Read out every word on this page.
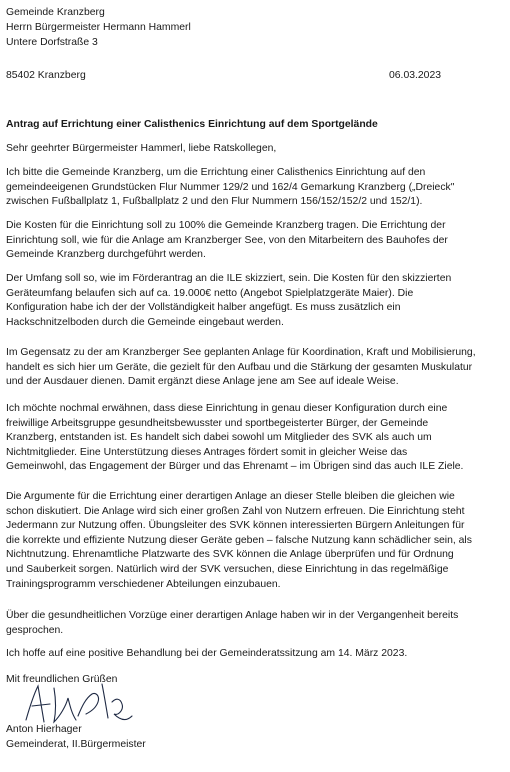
Gemeinde Kranzberg
Herrn Bürgermeister Hermann Hammerl
Untere Dorfstraße 3
85402 Kranzberg	06.03.2023
Antrag auf Errichtung einer Calisthenics Einrichtung auf dem Sportgelände
Sehr geehrter Bürgermeister Hammerl, liebe Ratskollegen,
Ich bitte die Gemeinde Kranzberg, um die Errichtung einer Calisthenics Einrichtung auf den
gemeindeeigenen Grundstücken Flur Nummer 129/2 und 162/4 Gemarkung Kranzberg („Dreieck"
zwischen Fußballplatz 1, Fußballplatz 2 und den Flur Nummern 156/152/152/2 und 152/1).
Die Kosten für die Einrichtung soll zu 100% die Gemeinde Kranzberg tragen. Die Errichtung der
Einrichtung soll, wie für die Anlage am Kranzberger See, von den Mitarbeitern des Bauhofes der
Gemeinde Kranzberg durchgeführt werden.
Der Umfang soll so, wie im Förderantrag an die ILE skizziert, sein. Die Kosten für den skizzierten
Geräteumfang belaufen sich auf ca. 19.000€ netto (Angebot Spielplatzgeräte Maier). Die
Konfiguration habe ich der der Vollständigkeit halber angefügt. Es muss zusätzlich ein
Hackschnitzelboden durch die Gemeinde eingebaut werden.
Im Gegensatz zu der am Kranzberger See geplanten Anlage für Koordination, Kraft und Mobilisierung,
handelt es sich hier um Geräte, die gezielt für den Aufbau und die Stärkung der gesamten Muskulatur
und der Ausdauer dienen. Damit ergänzt diese Anlage jene am See auf ideale Weise.
Ich möchte nochmal erwähnen, dass diese Einrichtung in genau dieser Konfiguration durch eine
freiwillige Arbeitsgruppe gesundheitsbewusster und sportbegeisterter Bürger, der Gemeinde
Kranzberg, entstanden ist. Es handelt sich dabei sowohl um Mitglieder des SVK als auch um
Nichtmitglieder. Eine Unterstützung dieses Antrages fördert somit in gleicher Weise das
Gemeinwohl, das Engagement der Bürger und das Ehrenamt – im Übrigen sind das auch ILE Ziele.
Die Argumente für die Errichtung einer derartigen Anlage an dieser Stelle bleiben die gleichen wie
schon diskutiert. Die Anlage wird sich einer großen Zahl von Nutzern erfreuen. Die Einrichtung steht
Jedermann zur Nutzung offen. Übungsleiter des SVK können interessierten Bürgern Anleitungen für
die korrekte und effiziente Nutzung dieser Geräte geben – falsche Nutzung kann schädlicher sein, als
Nichtnutzung. Ehrenamtliche Platzwarte des SVK können die Anlage überprüfen und für Ordnung
und Sauberkeit sorgen. Natürlich wird der SVK versuchen, diese Einrichtung in das regelmäßige
Trainingsprogramm verschiedener Abteilungen einzubauen.
Über die gesundheitlichen Vorzüge einer derartigen Anlage haben wir in der Vergangenheit bereits
gesprochen.
Ich hoffe auf eine positive Behandlung bei der Gemeinderatssitzung am 14. März 2023.
Mit freundlichen Grüßen
Anton Hierhager
Gemeinderat, II.Bürgermeister
